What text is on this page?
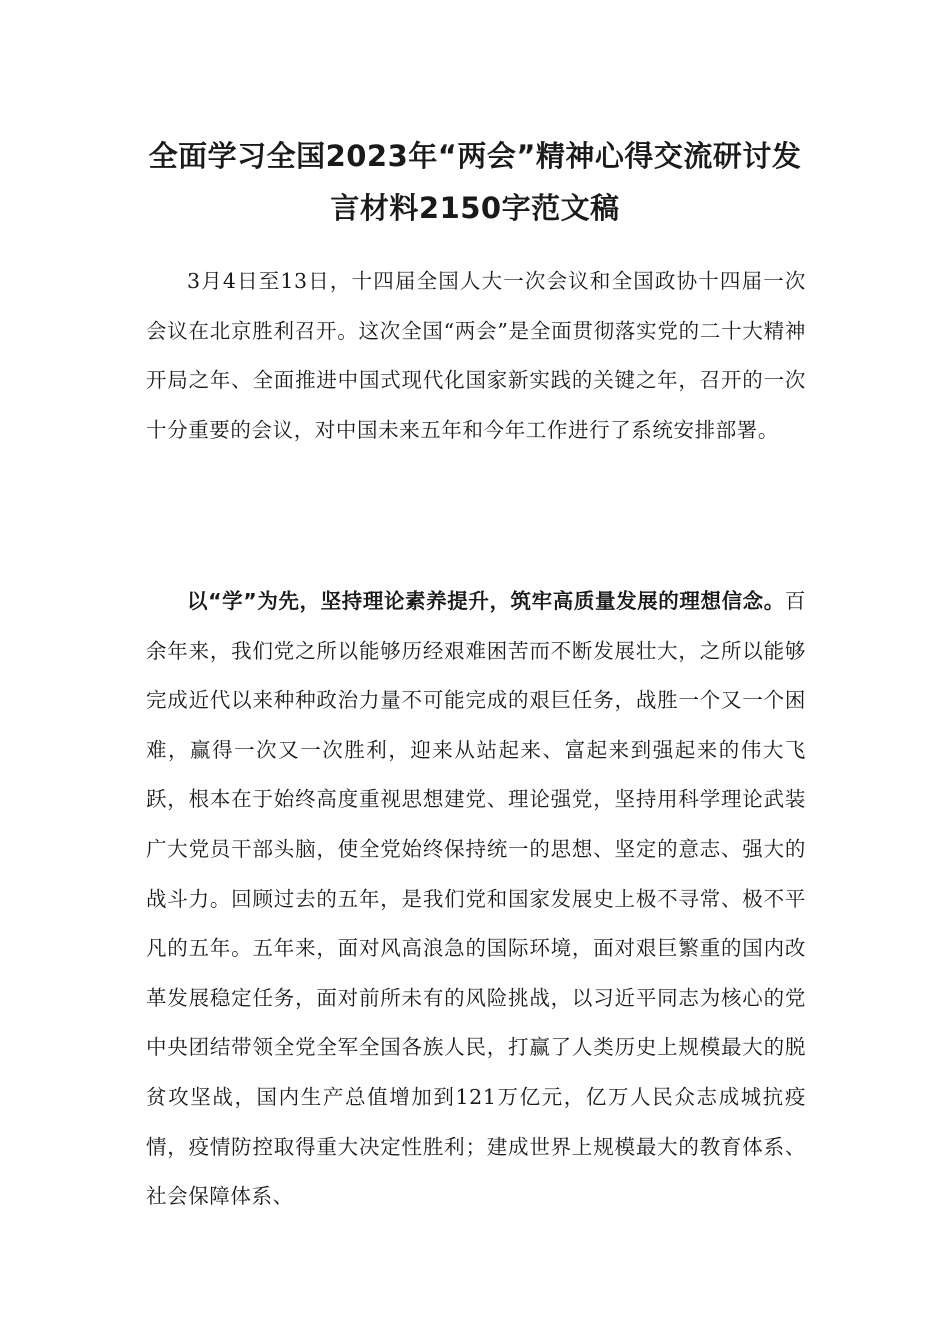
全面学习全国2023年“两会”精神心得交流研讨发
言材料2150字范文稿

3月4日至13日，十四届全国人大一次会议和全国政协十四届一次会议在北京胜利召开。这次全国“两会”是全面贯彻落实党的二十大精神开局之年、全面推进中国式现代化国家新实践的关键之年，召开的一次十分重要的会议，对中国未来五年和今年工作进行了系统安排部署。

以“学”为先，坚持理论素养提升，筑牢高质量发展的理想信念。百余年来，我们党之所以能够历经艰难困苦而不断发展壮大，之所以能够完成近代以来种种政治力量不可能完成的艰巨任务，战胜一个又一个困难，赢得一次又一次胜利，迎来从站起来、富起来到强起来的伟大飞跃，根本在于始终高度重视思想建党、理论强党，坚持用科学理论武装广大党员干部头脑，使全党始终保持统一的思想、坚定的意志、强大的战斗力。回顾过去的五年，是我们党和国家发展史上极不寻常、极不平凡的五年。五年来，面对风高浪急的国际环境，面对艰巨繁重的国内改革发展稳定任务，面对前所未有的风险挑战，以习近平同志为核心的党中央团结带领全党全军全国各族人民，打赢了人类历史上规模最大的脱贫攻坚战，国内生产总值增加到121万亿元，亿万人民众志成城抗疫情，疫情防控取得重大决定性胜利；建成世界上规模最大的教育体系、社会保障体系、
